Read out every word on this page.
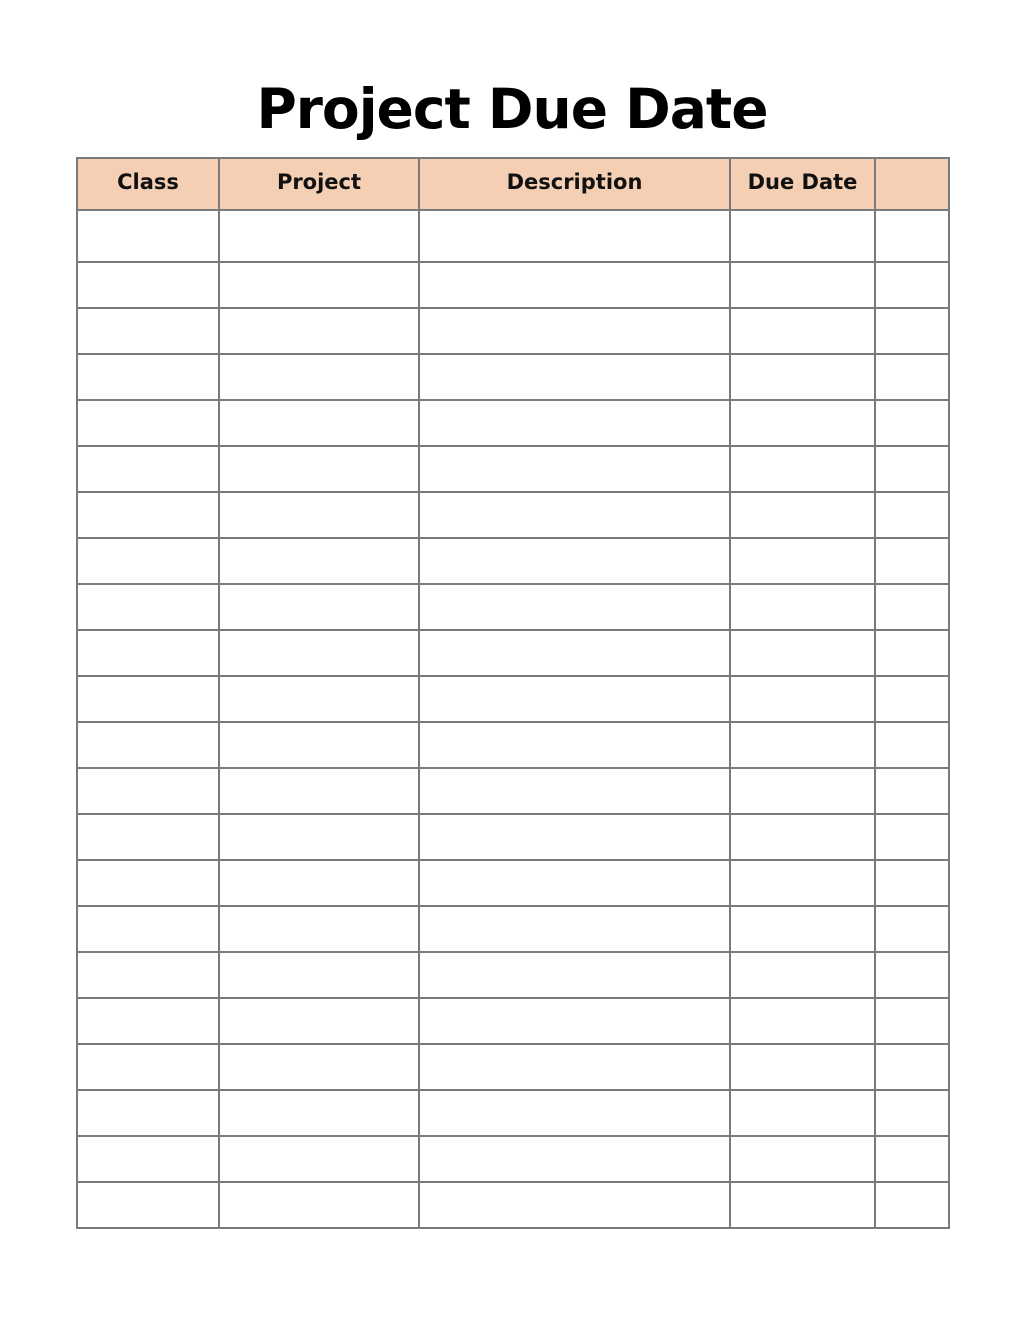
Project Due Date
Class	Project	Description	Due Date	
